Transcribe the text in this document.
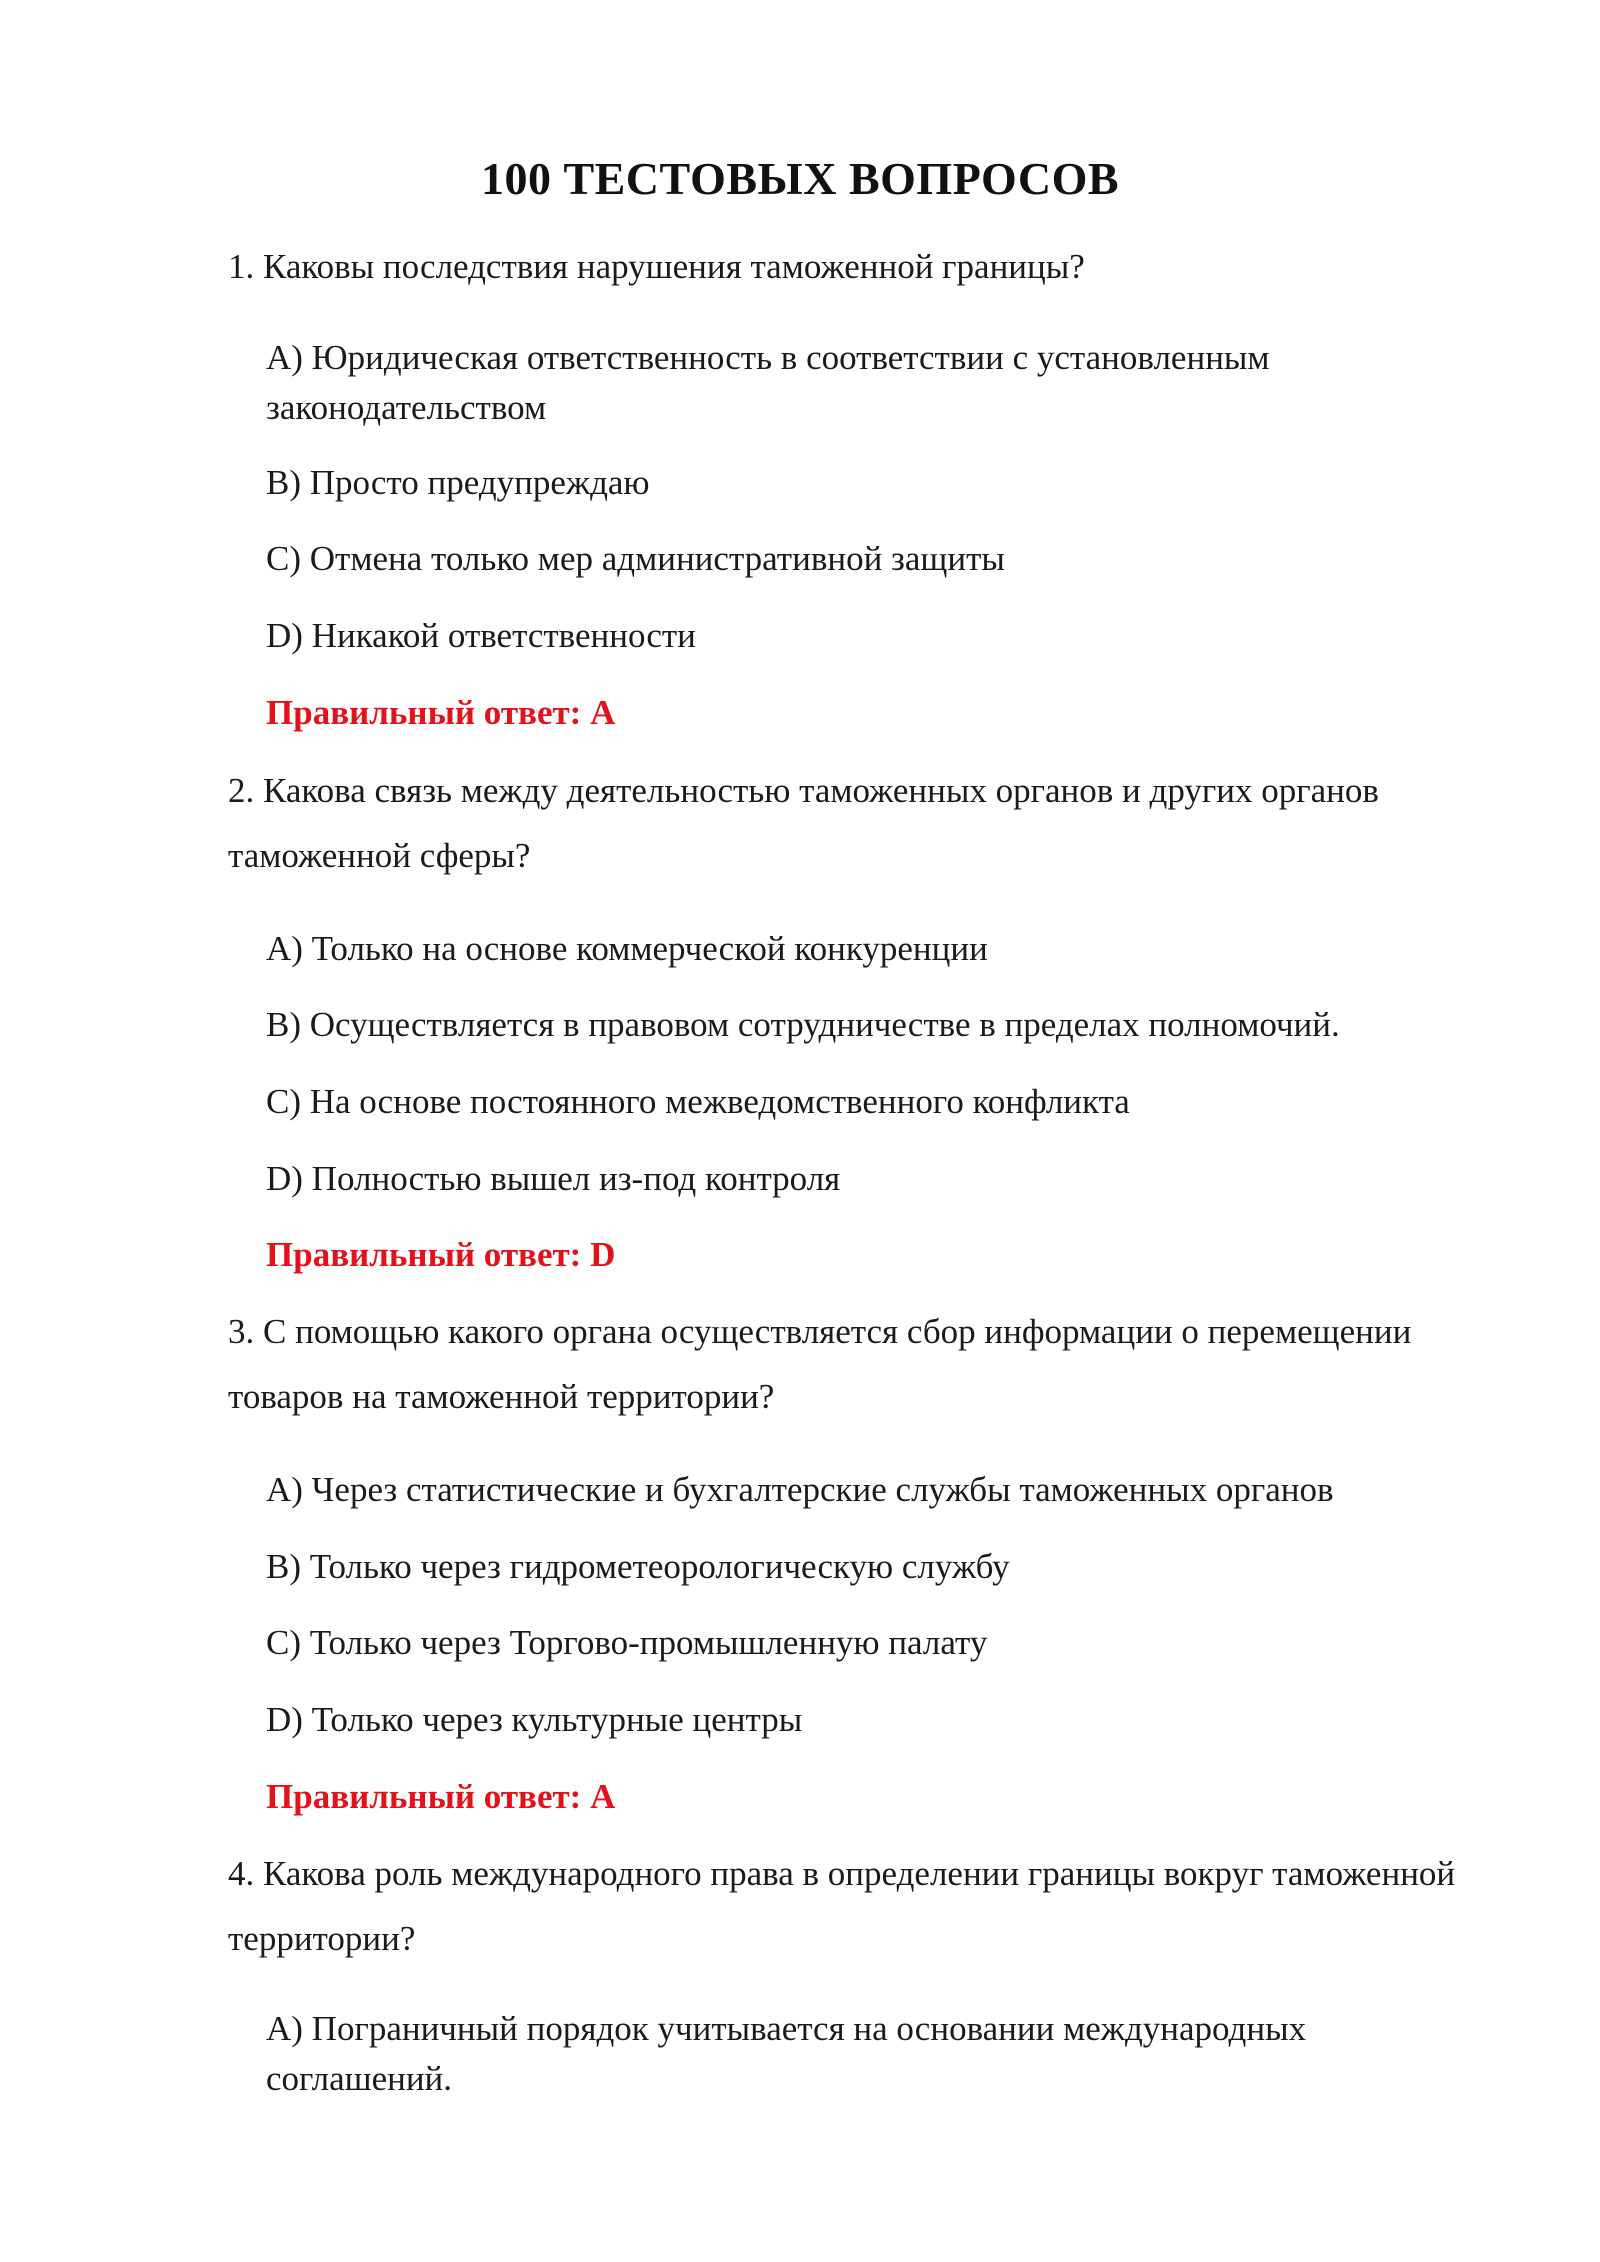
100 ТЕСТОВЫХ ВОПРОСОВ
1. Каковы последствия нарушения таможенной границы?
A) Юридическая ответственность в соответствии с установленным законодательством
B) Просто предупреждаю
C) Отмена только мер административной защиты
D) Никакой ответственности
Правильный ответ: A
2. Какова связь между деятельностью таможенных органов и других органов таможенной сферы?
A) Только на основе коммерческой конкуренции
B) Осуществляется в правовом сотрудничестве в пределах полномочий.
C) На основе постоянного межведомственного конфликта
D) Полностью вышел из-под контроля
Правильный ответ: D
3. С помощью какого органа осуществляется сбор информации о перемещении товаров на таможенной территории?
A) Через статистические и бухгалтерские службы таможенных органов
B) Только через гидрометеорологическую службу
C) Только через Торгово-промышленную палату
D) Только через культурные центры
Правильный ответ: A
4. Какова роль международного права в определении границы вокруг таможенной территории?
A) Пограничный порядок учитывается на основании международных соглашений.
